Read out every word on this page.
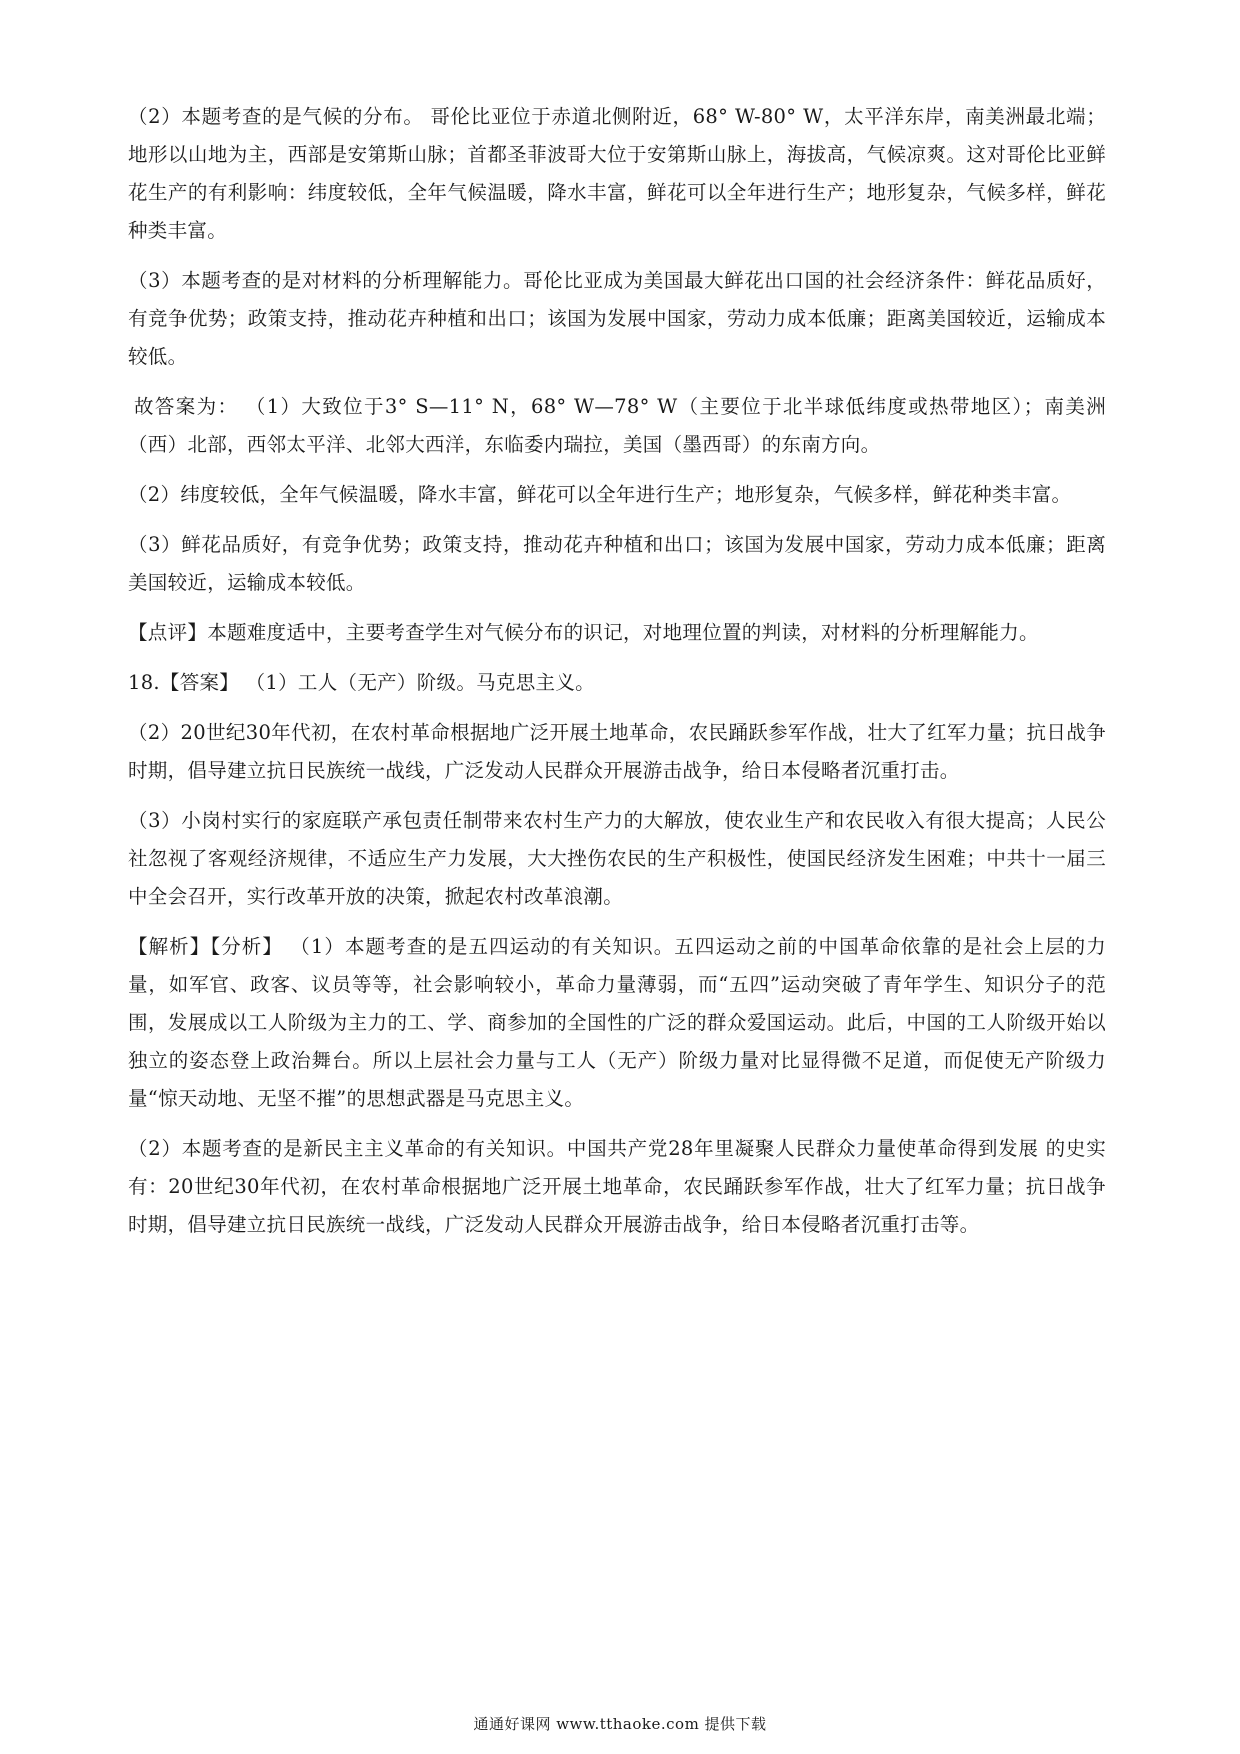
（2）本题考查的是气候的分布。 哥伦比亚位于赤道北侧附近，68° W-80° W，太平洋东岸，南美洲最北端；地形以山地为主，西部是安第斯山脉；首都圣菲波哥大位于安第斯山脉上，海拔高，气候凉爽。这对哥伦比亚鲜花生产的有利影响：纬度较低，全年气候温暖，降水丰富，鲜花可以全年进行生产；地形复杂，气候多样，鲜花种类丰富。

（3）本题考查的是对材料的分析理解能力。哥伦比亚成为美国最大鲜花出口国的社会经济条件：鲜花品质好，有竞争优势；政策支持，推动花卉种植和出口；该国为发展中国家，劳动力成本低廉；距离美国较近，运输成本较低。

故答案为： （1）大致位于3° S—11° N，68° W—78° W（主要位于北半球低纬度或热带地区）；南美洲（西）北部，西邻太平洋、北邻大西洋，东临委内瑞拉，美国（墨西哥）的东南方向。

（2）纬度较低，全年气候温暖，降水丰富，鲜花可以全年进行生产；地形复杂，气候多样，鲜花种类丰富。

（3）鲜花品质好，有竞争优势；政策支持，推动花卉种植和出口；该国为发展中国家，劳动力成本低廉；距离美国较近，运输成本较低。

【点评】本题难度适中，主要考查学生对气候分布的识记，对地理位置的判读，对材料的分析理解能力。

18.【答案】 （1）工人（无产）阶级。马克思主义。

（2）20世纪30年代初，在农村革命根据地广泛开展土地革命，农民踊跃参军作战，壮大了红军力量；抗日战争时期，倡导建立抗日民族统一战线，广泛发动人民群众开展游击战争，给日本侵略者沉重打击。

（3）小岗村实行的家庭联产承包责任制带来农村生产力的大解放，使农业生产和农民收入有很大提高；人民公社忽视了客观经济规律，不适应生产力发展，大大挫伤农民的生产积极性，使国民经济发生困难；中共十一届三中全会召开，实行改革开放的决策，掀起农村改革浪潮。

【解析】【分析】 （1）本题考查的是五四运动的有关知识。五四运动之前的中国革命依靠的是社会上层的力量，如军官、政客、议员等等，社会影响较小，革命力量薄弱，而“五四”运动突破了青年学生、知识分子的范围，发展成以工人阶级为主力的工、学、商参加的全国性的广泛的群众爱国运动。此后，中国的工人阶级开始以独立的姿态登上政治舞台。所以上层社会力量与工人（无产）阶级力量对比显得微不足道，而促使无产阶级力量“惊天动地、无坚不摧”的思想武器是马克思主义。

（2）本题考查的是新民主主义革命的有关知识。中国共产党28年里凝聚人民群众力量使革命得到发展 的史实有：20世纪30年代初，在农村革命根据地广泛开展土地革命，农民踊跃参军作战，壮大了红军力量；抗日战争时期，倡导建立抗日民族统一战线，广泛发动人民群众开展游击战争，给日本侵略者沉重打击等。

通通好课网 www.tthaoke.com 提供下载
